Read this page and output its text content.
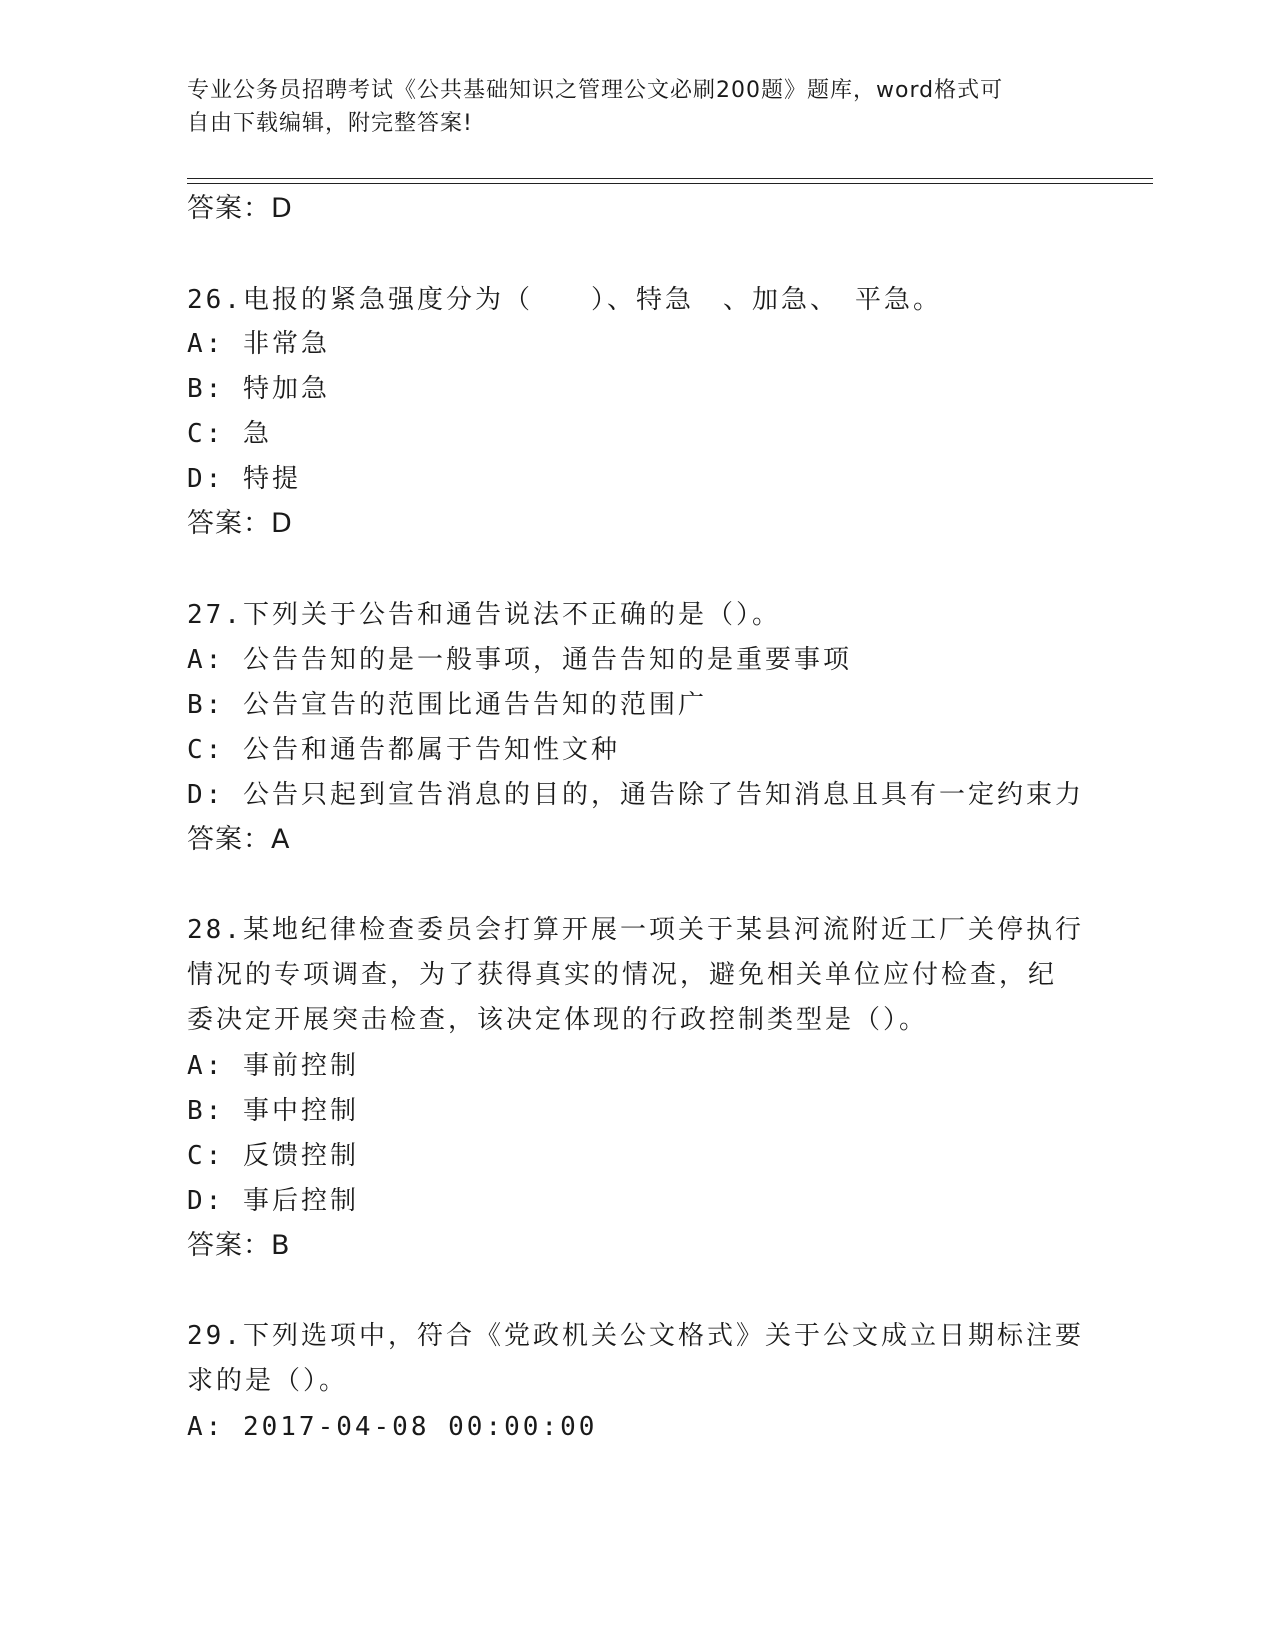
专业公务员招聘考试《公共基础知识之管理公文必刷200题》题库，word格式可
自由下载编辑，附完整答案!
答案：D
26.电报的紧急强度分为（　　）、特急　、加急、　平急。
A: 非常急
B: 特加急
C: 急
D: 特提
答案：D
27.下列关于公告和通告说法不正确的是（）。
A: 公告告知的是一般事项，通告告知的是重要事项
B: 公告宣告的范围比通告告知的范围广
C: 公告和通告都属于告知性文种
D: 公告只起到宣告消息的目的，通告除了告知消息且具有一定约束力
答案：A
28.某地纪律检查委员会打算开展一项关于某县河流附近工厂关停执行
情况的专项调查，为了获得真实的情况，避免相关单位应付检查，纪
委决定开展突击检查，该决定体现的行政控制类型是（）。
A: 事前控制
B: 事中控制
C: 反馈控制
D: 事后控制
答案：B
29.下列选项中，符合《党政机关公文格式》关于公文成立日期标注要
求的是（）。
A: 2017-04-08 00:00:00
